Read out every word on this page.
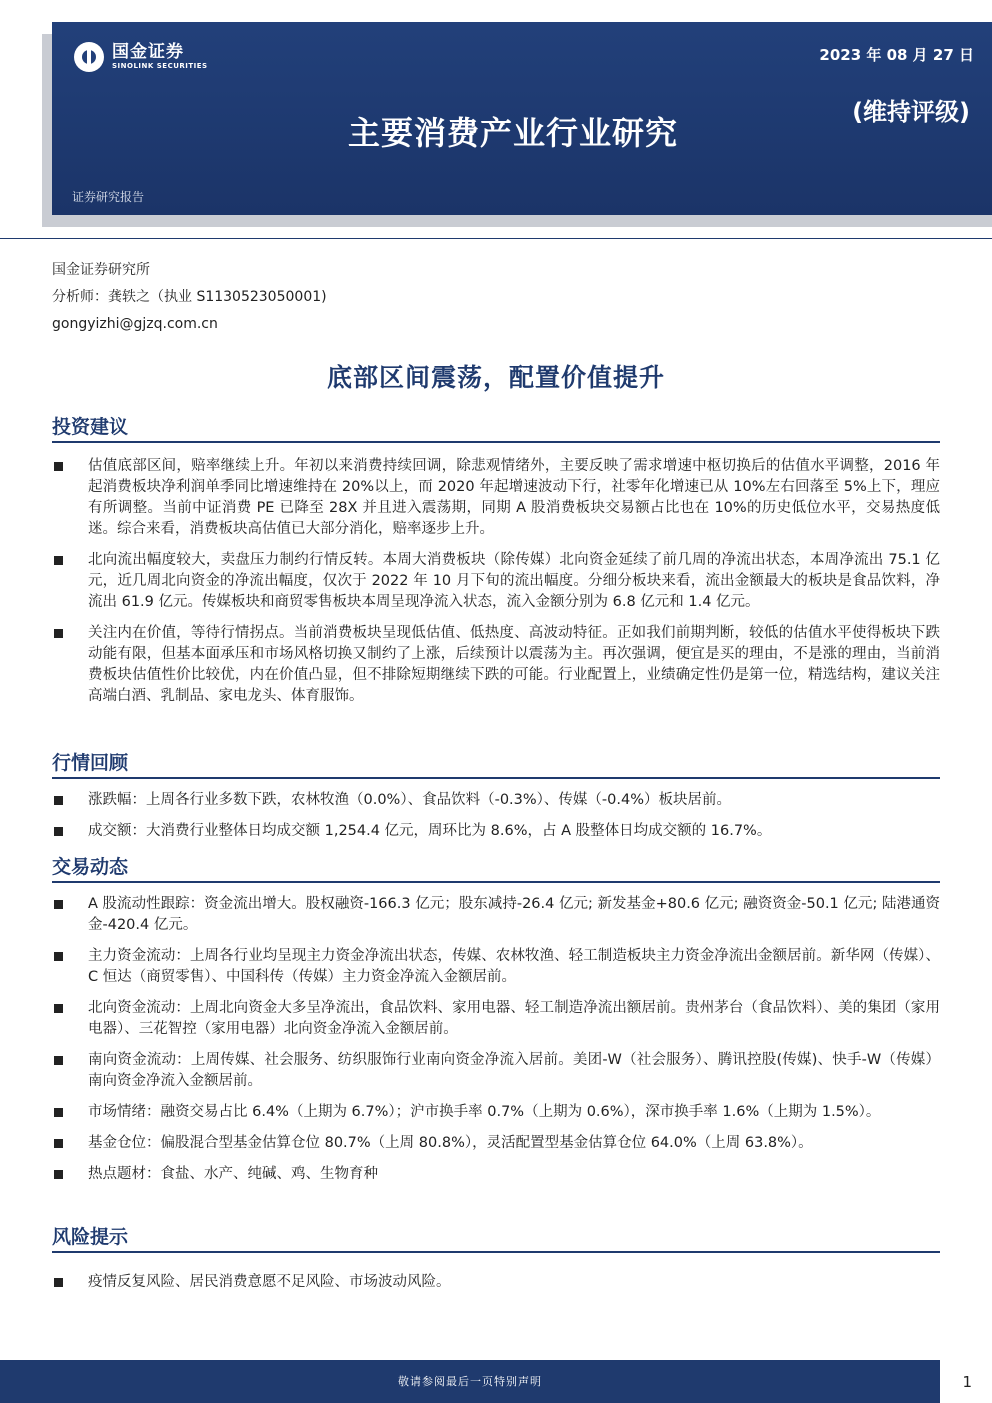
国金证券
SINOLINK SECURITIES
2023 年 08 月 27 日
(维持评级)
主要消费产业行业研究
证券研究报告
国金证券研究所
分析师：龚轶之（执业 S1130523050001)
gongyizhi@gjzq.com.cn
底部区间震荡，配置价值提升
投资建议
估值底部区间，赔率继续上升。年初以来消费持续回调，除悲观情绪外，主要反映了需求增速中枢切换后的估值水平调整，2016 年起消费板块净利润单季同比增速维持在 20%以上，而 2020 年起增速波动下行，社零年化增速已从 10%左右回落至 5%上下，理应有所调整。当前中证消费 PE 已降至 28X 并且进入震荡期，同期 A 股消费板块交易额占比也在 10%的历史低位水平，交易热度低迷。综合来看，消费板块高估值已大部分消化，赔率逐步上升。
北向流出幅度较大，卖盘压力制约行情反转。本周大消费板块（除传媒）北向资金延续了前几周的净流出状态，本周净流出 75.1 亿元，近几周北向资金的净流出幅度，仅次于 2022 年 10 月下旬的流出幅度。分细分板块来看，流出金额最大的板块是食品饮料，净流出 61.9 亿元。传媒板块和商贸零售板块本周呈现净流入状态，流入金额分别为 6.8 亿元和 1.4 亿元。
关注内在价值，等待行情拐点。当前消费板块呈现低估值、低热度、高波动特征。正如我们前期判断，较低的估值水平使得板块下跌动能有限，但基本面承压和市场风格切换又制约了上涨，后续预计以震荡为主。再次强调，便宜是买的理由，不是涨的理由，当前消费板块估值性价比较优，内在价值凸显，但不排除短期继续下跌的可能。行业配置上，业绩确定性仍是第一位，精选结构，建议关注高端白酒、乳制品、家电龙头、体育服饰。
行情回顾
涨跌幅：上周各行业多数下跌，农林牧渔（0.0%）、食品饮料（-0.3%）、传媒（-0.4%）板块居前。
成交额：大消费行业整体日均成交额 1,254.4 亿元，周环比为 8.6%，占 A 股整体日均成交额的 16.7%。
交易动态
A 股流动性跟踪：资金流出增大。股权融资-166.3 亿元；股东减持-26.4 亿元; 新发基金+80.6 亿元; 融资资金-50.1 亿元; 陆港通资金-420.4 亿元。
主力资金流动：上周各行业均呈现主力资金净流出状态，传媒、农林牧渔、轻工制造板块主力资金净流出金额居前。新华网（传媒）、C 恒达（商贸零售）、中国科传（传媒）主力资金净流入金额居前。
北向资金流动：上周北向资金大多呈净流出，食品饮料、家用电器、轻工制造净流出额居前。贵州茅台（食品饮料）、美的集团（家用电器）、三花智控（家用电器）北向资金净流入金额居前。
南向资金流动：上周传媒、社会服务、纺织服饰行业南向资金净流入居前。美团-W（社会服务）、腾讯控股(传媒)、快手-W（传媒）南向资金净流入金额居前。
市场情绪：融资交易占比 6.4%（上期为 6.7%）；沪市换手率 0.7%（上期为 0.6%），深市换手率 1.6%（上期为 1.5%）。
基金仓位：偏股混合型基金估算仓位 80.7%（上周 80.8%），灵活配置型基金估算仓位 64.0%（上周 63.8%）。
热点题材：食盐、水产、纯碱、鸡、生物育种
风险提示
疫情反复风险、居民消费意愿不足风险、市场波动风险。
敬请参阅最后一页特别声明	1
